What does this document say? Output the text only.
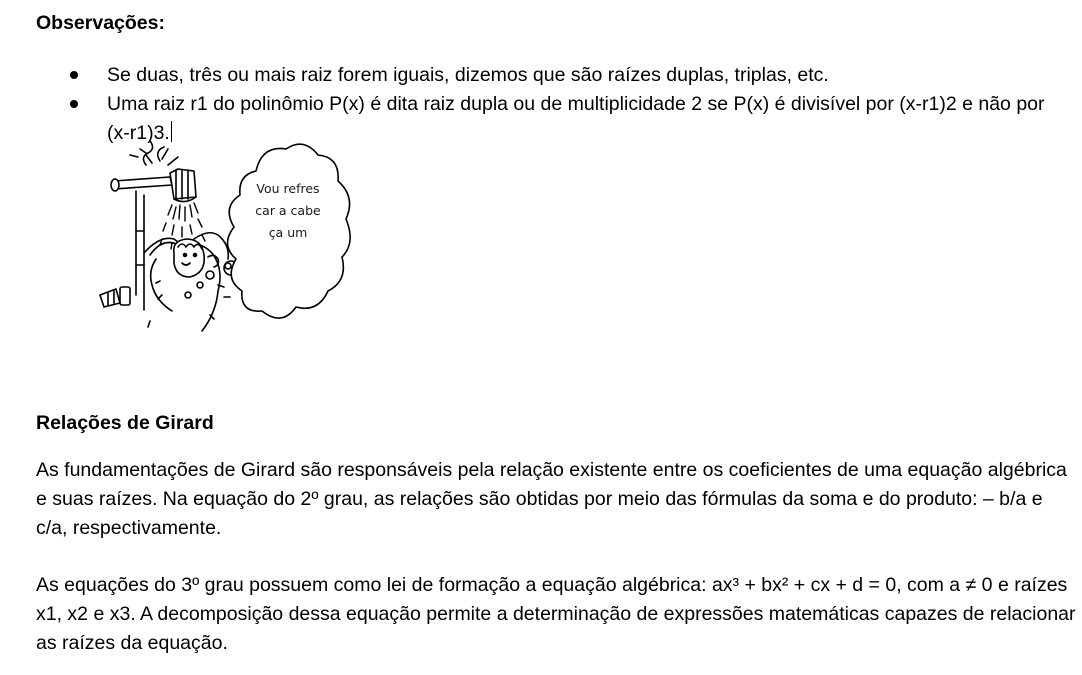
Observações:
Se duas, três ou mais raiz forem iguais, dizemos que são raízes duplas, triplas, etc.
Uma raiz r1 do polinômio P(x) é dita raiz dupla ou de multiplicidade 2 se P(x) é divisível por (x-r1)2 e não por (x-r1)3.
Vou refrescar a cabeça um
Relações de Girard

As fundamentações de Girard são responsáveis pela relação existente entre os coeficientes de uma equação algébrica e suas raízes. Na equação do 2º grau, as relações são obtidas por meio das fórmulas da soma e do produto: – b/a e c/a, respectivamente.

As equações do 3º grau possuem como lei de formação a equação algébrica: ax³ + bx² + cx + d = 0, com a ≠ 0 e raízes x1, x2 e x3. A decomposição dessa equação permite a determinação de expressões matemáticas capazes de relacionar as raízes da equação.
